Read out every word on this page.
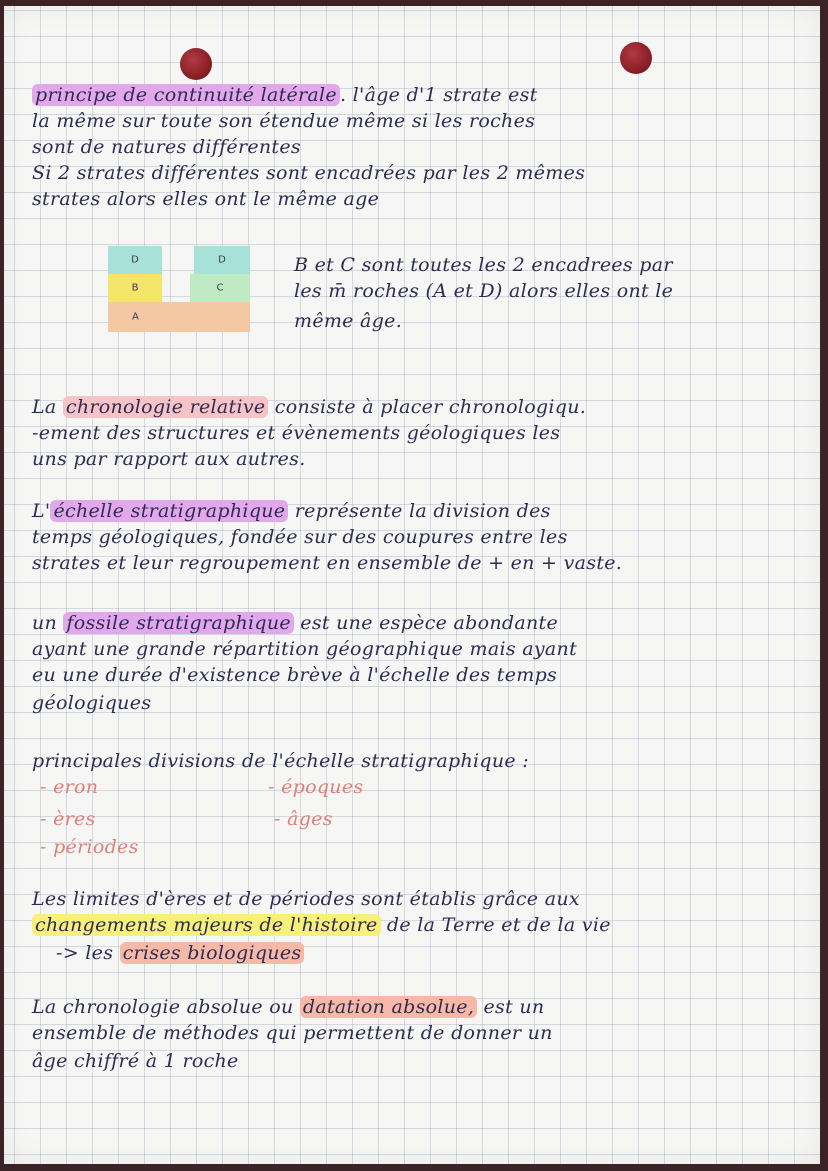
principe de continuité latérale . l'âge d'1 strate est

la même sur toute son étendue même si les roches

sont de natures différentes

Si 2 strates différentes sont encadrées par les 2 mêmes

strates alors elles ont le même age

D	D
B	C
A

B et C sont toutes les 2 encadrees par

les m̄ roches (A et D) alors elles ont le

même âge.

La chronologie relative consiste à placer chronologiqu.

-ement des structures et évènements géologiques les

uns par rapport aux autres.

L' échelle stratigraphique représente la division des

temps géologiques, fondée sur des coupures entre les

strates et leur regroupement en ensemble de + en + vaste.

un fossile stratigraphique est une espèce abondante

ayant une grande répartition géographique mais ayant

eu une durée d'existence brève à l'échelle des temps

géologiques

principales divisions de l'échelle stratigraphique :

- eron	- époques

- ères	- âges

- périodes

Les limites d'ères et de périodes sont établis grâce aux

changements majeurs de l'histoire de la Terre et de la vie

-> les crises biologiques

La chronologie absolue ou datation absolue, est un

ensemble de méthodes qui permettent de donner un

âge chiffré à 1 roche
